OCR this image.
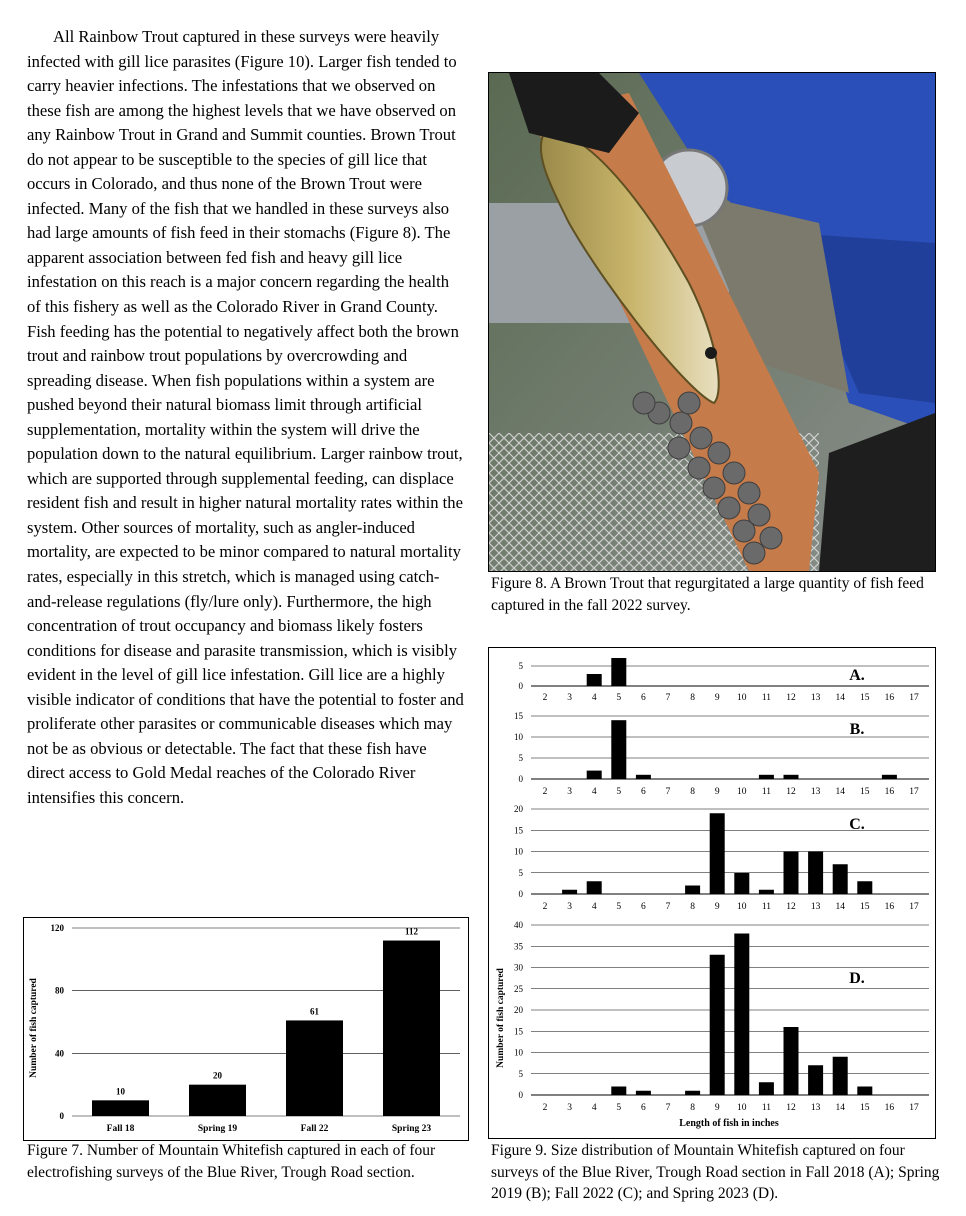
All Rainbow Trout captured in these surveys were heavily infected with gill lice parasites (Figure 10). Larger fish tended to carry heavier infections. The infestations that we observed on these fish are among the highest levels that we have observed on any Rainbow Trout in Grand and Summit counties. Brown Trout do not appear to be susceptible to the species of gill lice that occurs in Colorado, and thus none of the Brown Trout were infected. Many of the fish that we handled in these surveys also had large amounts of fish feed in their stomachs (Figure 8). The apparent association between fed fish and heavy gill lice infestation on this reach is a major concern regarding the health of this fishery as well as the Colorado River in Grand County. Fish feeding has the potential to negatively affect both the brown trout and rainbow trout populations by overcrowding and spreading disease. When fish populations within a system are pushed beyond their natural biomass limit through artificial supplementation, mortality within the system will drive the population down to the natural equilibrium. Larger rainbow trout, which are supported through supplemental feeding, can displace resident fish and result in higher natural mortality rates within the system. Other sources of mortality, such as angler-induced mortality, are expected to be minor compared to natural mortality rates, especially in this stretch, which is managed using catch-and-release regulations (fly/lure only). Furthermore, the high concentration of trout occupancy and biomass likely fosters conditions for disease and parasite transmission, which is visibly evident in the level of gill lice infestation. Gill lice are a highly visible indicator of conditions that have the potential to foster and proliferate other parasites or communicable diseases which may not be as obvious or detectable. The fact that these fish have direct access to Gold Medal reaches of the Colorado River intensifies this concern.

Figure 8. A Brown Trout that regurgitated a large quantity of fish feed captured in the fall 2022 survey.
0
40
80
120
10
Fall 18
20
Spring 19
61
Fall 22
112
Spring 23
Number of fish captured
Figure 7. Number of Mountain Whitefish captured in each of four electrofishing surveys of the Blue River, Trough Road section.
0
5
2 3 4 5 6 7 8 9 10 11 12 13 14 15 16 17
A.
0
5
10
15
2 3 4 5 6 7 8 9 10 11 12 13 14 15 16 17
B.
0
5
10
15
20
2 3 4 5 6 7 8 9 10 11 12 13 14 15 16 17
C.
0
5
10
15
20
25
30
35
40
2 3 4 5 6 7 8 9 10 11 12 13 14 15 16 17
D.
Number of fish captured
Length of fish in inches
Figure 9. Size distribution of Mountain Whitefish captured on four surveys of the Blue River, Trough Road section in Fall 2018 (A); Spring 2019 (B); Fall 2022 (C); and Spring 2023 (D).
